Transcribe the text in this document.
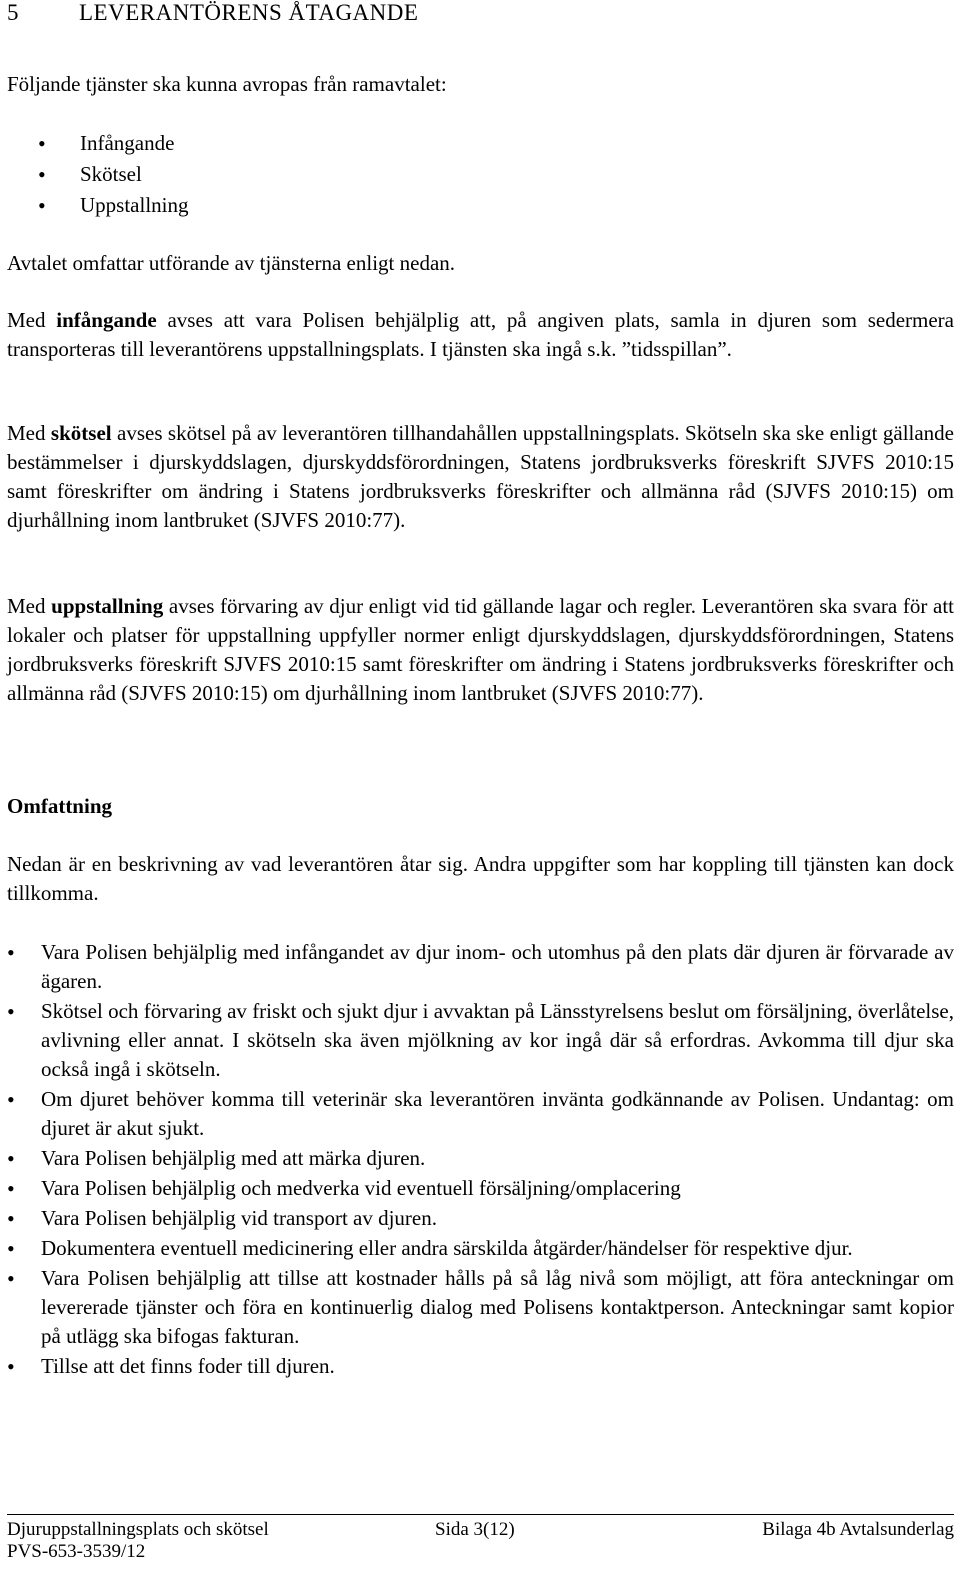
5	LEVERANTÖRENS ÅTAGANDE
Följande tjänster ska kunna avropas från ramavtalet:
• Infångande
• Skötsel
• Uppstallning
Avtalet omfattar utförande av tjänsterna enligt nedan.
Med infångande avses att vara Polisen behjälplig att, på angiven plats, samla in djuren som sedermera transporteras till leverantörens uppstallningsplats. I tjänsten ska ingå s.k. ”tidsspillan”.
Med skötsel avses skötsel på av leverantören tillhandahållen uppstallningsplats. Skötseln ska ske enligt gällande bestämmelser i djurskyddslagen, djurskyddsförordningen, Statens jordbruksverks föreskrift SJVFS 2010:15 samt föreskrifter om ändring i Statens jordbruksverks föreskrifter och allmänna råd (SJVFS 2010:15) om djurhållning inom lantbruket (SJVFS 2010:77).
Med uppstallning avses förvaring av djur enligt vid tid gällande lagar och regler. Leverantören ska svara för att lokaler och platser för uppstallning uppfyller normer enligt djurskyddslagen, djurskyddsförordningen, Statens jordbruksverks föreskrift SJVFS 2010:15 samt föreskrifter om ändring i Statens jordbruksverks föreskrifter och allmänna råd (SJVFS 2010:15) om djurhållning inom lantbruket (SJVFS 2010:77).
Omfattning
Nedan är en beskrivning av vad leverantören åtar sig. Andra uppgifter som har koppling till tjänsten kan dock tillkomma.
• Vara Polisen behjälplig med infångandet av djur inom- och utomhus på den plats där djuren är förvarade av ägaren.
• Skötsel och förvaring av friskt och sjukt djur i avvaktan på Länsstyrelsens beslut om försäljning, överlåtelse, avlivning eller annat. I skötseln ska även mjölkning av kor ingå där så erfordras. Avkomma till djur ska också ingå i skötseln.
• Om djuret behöver komma till veterinär ska leverantören invänta godkännande av Polisen. Undantag: om djuret är akut sjukt.
• Vara Polisen behjälplig med att märka djuren.
• Vara Polisen behjälplig och medverka vid eventuell försäljning/omplacering
• Vara Polisen behjälplig vid transport av djuren.
• Dokumentera eventuell medicinering eller andra särskilda åtgärder/händelser för respektive djur.
• Vara Polisen behjälplig att tillse att kostnader hålls på så låg nivå som möjligt, att föra anteckningar om levererade tjänster och föra en kontinuerlig dialog med Polisens kontaktperson. Anteckningar samt kopior på utlägg ska bifogas fakturan.
• Tillse att det finns foder till djuren.
Djuruppstallningsplats och skötsel	Sida 3(12)	Bilaga 4b Avtalsunderlag
PVS-653-3539/12
